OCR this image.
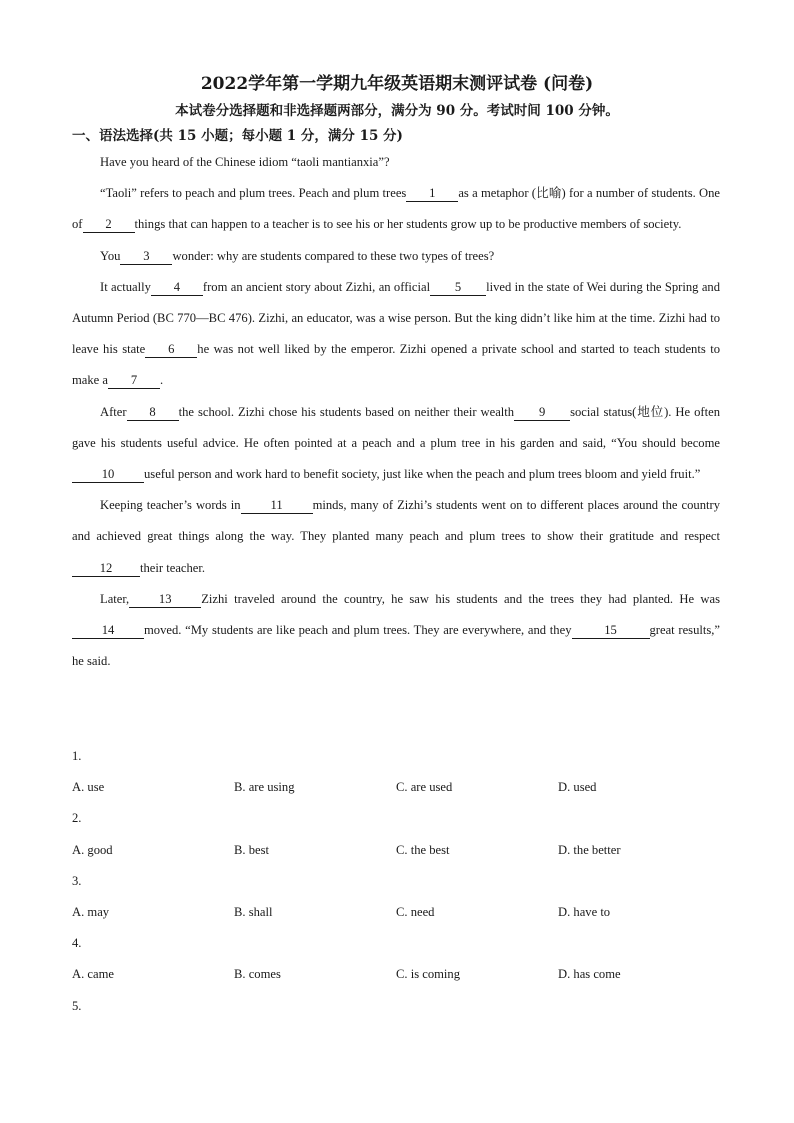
2022学年第一学期九年级英语期末测评试卷 (问卷)
本试卷分选择题和非选择题两部分，满分为 90 分。考试时间 100 分钟。
一、语法选择(共 15 小题；每小题 1 分，满分 15 分)

Have you heard of the Chinese idiom “taoli mantianxia”?

“Taoli” refers to peach and plum trees. Peach and plum trees 1 as a metaphor (比喻) for a number of students. One of 2 things that can happen to a teacher is to see his or her students grow up to be productive members of society.

You 3 wonder: why are students compared to these two types of trees?

It actually 4 from an ancient story about Zizhi, an official 5 lived in the state of Wei during the Spring and Autumn Period (BC 770—BC 476). Zizhi, an educator, was a wise person. But the king didn’t like him at the time. Zizhi had to leave his state 6 he was not well liked by the emperor. Zizhi opened a private school and started to teach students to make a 7 .

After 8 the school. Zizhi chose his students based on neither their wealth 9 social status(地位). He often gave his students useful advice. He often pointed at a peach and a plum tree in his garden and said, “You should become10 useful person and work hard to benefit society, just like when the peach and plum trees bloom and yield fruit.”

Keeping teacher’s words in 11 minds, many of Zizhi’s students went on to different places around the country and achieved great things along the way. They planted many peach and plum trees to show their gratitude and respect12 their teacher.

Later, 13 Zizhi traveled around the country, he saw his students and the trees they had planted. He was14 moved. “My students are like peach and plum trees. They are everywhere, and they	15	great results,” he said.

1.
A. use	B. are using	C. are used	D. used
2.
A. good	B. best	C. the best	D. the better
3.
A. may	B. shall	C. need	D. have to
4.
A. came	B. comes	C. is coming	D. has come
5.
